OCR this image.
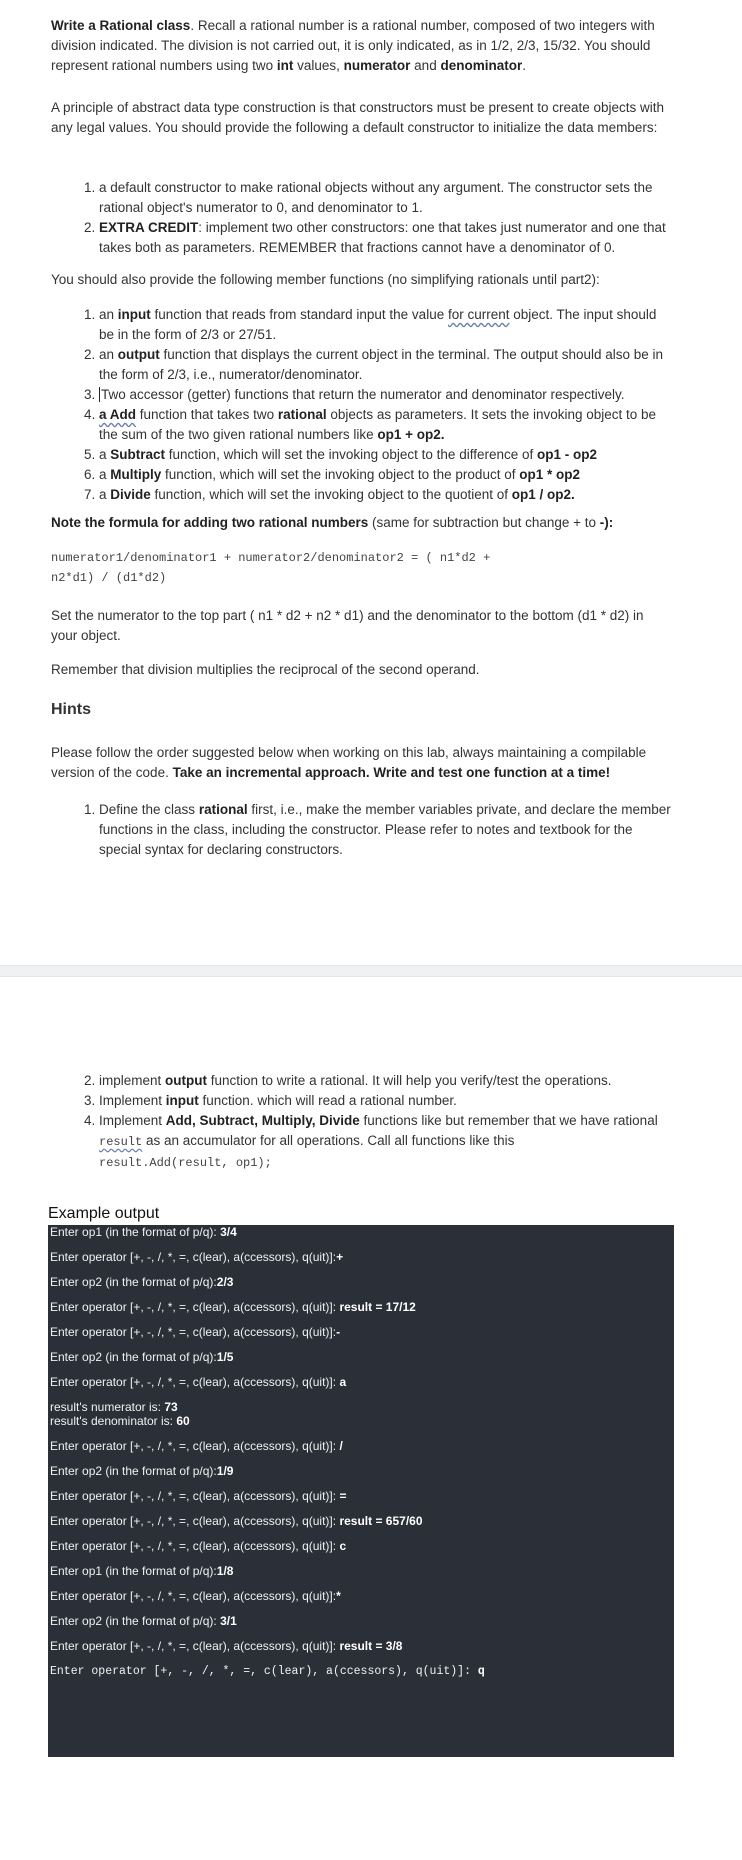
Write a Rational class. Recall a rational number is a rational number, composed of two integers with division indicated. The division is not carried out, it is only indicated, as in 1/2, 2/3, 15/32. You should represent rational numbers using two int values, numerator and denominator.

A principle of abstract data type construction is that constructors must be present to create objects with any legal values. You should provide the following a default constructor to initialize the data members:

1. a default constructor to make rational objects without any argument. The constructor sets the rational object's numerator to 0, and denominator to 1.
2. EXTRA CREDIT: implement two other constructors: one that takes just numerator and one that takes both as parameters. REMEMBER that fractions cannot have a denominator of 0.

You should also provide the following member functions (no simplifying rationals until part2):

1. an input function that reads from standard input the value for current object. The input should be in the form of 2/3 or 27/51.
2. an output function that displays the current object in the terminal. The output should also be in the form of 2/3, i.e., numerator/denominator.
3. Two accessor (getter) functions that return the numerator and denominator respectively.
4. a Add function that takes two rational objects as parameters. It sets the invoking object to be the sum of the two given rational numbers like op1 + op2.
5. a Subtract function, which will set the invoking object to the difference of op1 - op2
6. a Multiply function, which will set the invoking object to the product of op1 * op2
7. a Divide function, which will set the invoking object to the quotient of op1 / op2.

Note the formula for adding two rational numbers (same for subtraction but change + to -):

numerator1/denominator1 + numerator2/denominator2 = ( n1*d2 +
n2*d1) / (d1*d2)

Set the numerator to the top part ( n1 * d2 + n2 * d1) and the denominator to the bottom (d1 * d2) in your object.

Remember that division multiplies the reciprocal of the second operand.

Hints

Please follow the order suggested below when working on this lab, always maintaining a compilable version of the code. Take an incremental approach. Write and test one function at a time!

1. Define the class rational first, i.e., make the member variables private, and declare the member functions in the class, including the constructor. Please refer to notes and textbook for the special syntax for declaring constructors.
2. implement output function to write a rational. It will help you verify/test the operations.
3. Implement input function. which will read a rational number.
4. Implement Add, Subtract, Multiply, Divide functions like but remember that we have rational result as an accumulator for all operations. Call all functions like this
result.Add(result, op1);
Example output
Enter op1 (in the format of p/q): 3/4
Enter operator [+, -, /, *, =, c(lear), a(ccessors), q(uit)]:+
Enter op2 (in the format of p/q):2/3
Enter operator [+, -, /, *, =, c(lear), a(ccessors), q(uit)]: result = 17/12
Enter operator [+, -, /, *, =, c(lear), a(ccessors), q(uit)]:-
Enter op2 (in the format of p/q):1/5
Enter operator [+, -, /, *, =, c(lear), a(ccessors), q(uit)]: a
result's numerator is: 73
result's denominator is: 60
Enter operator [+, -, /, *, =, c(lear), a(ccessors), q(uit)]: /
Enter op2 (in the format of p/q):1/9
Enter operator [+, -, /, *, =, c(lear), a(ccessors), q(uit)]: =
Enter operator [+, -, /, *, =, c(lear), a(ccessors), q(uit)]: result = 657/60
Enter operator [+, -, /, *, =, c(lear), a(ccessors), q(uit)]: c
Enter op1 (in the format of p/q):1/8
Enter operator [+, -, /, *, =, c(lear), a(ccessors), q(uit)]:*
Enter op2 (in the format of p/q): 3/1
Enter operator [+, -, /, *, =, c(lear), a(ccessors), q(uit)]: result = 3/8
Enter operator [+, -, /, *, =, c(lear), a(ccessors), q(uit)]: q
